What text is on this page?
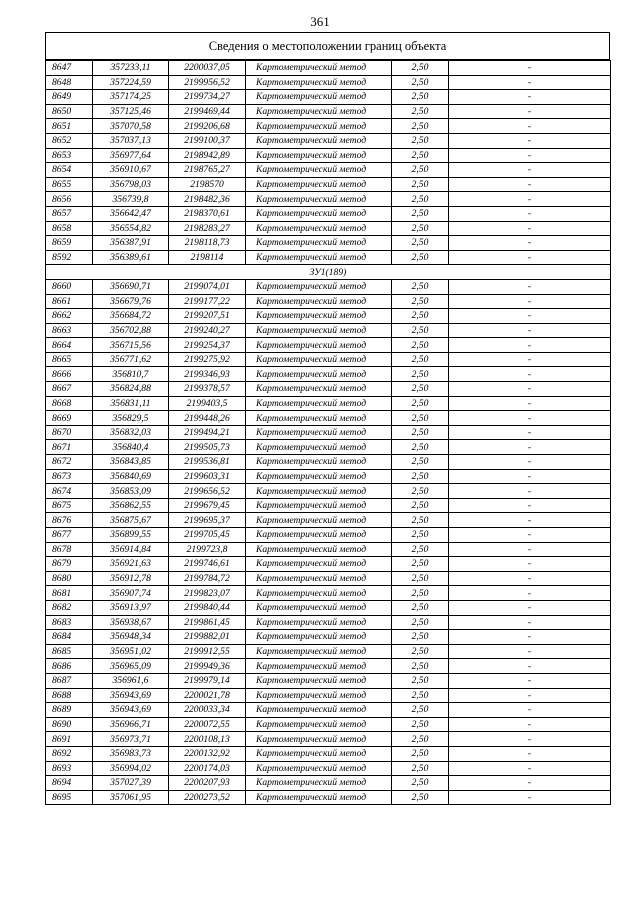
361
Сведения о местоположении границ объекта
8647	357233,11	2200037,05	Картометрический метод	2,50	-
8648	357224,59	2199956,52	Картометрический метод	2,50	-
8649	357174,25	2199734,27	Картометрический метод	2,50	-
8650	357125,46	2199469,44	Картометрический метод	2,50	-
8651	357070,58	2199206,68	Картометрический метод	2,50	-
8652	357037,13	2199100,37	Картометрический метод	2,50	-
8653	356977,64	2198942,89	Картометрический метод	2,50	-
8654	356910,67	2198765,27	Картометрический метод	2,50	-
8655	356798,03	2198570	Картометрический метод	2,50	-
8656	356739,8	2198482,36	Картометрический метод	2,50	-
8657	356642,47	2198370,61	Картометрический метод	2,50	-
8658	356554,82	2198283,27	Картометрический метод	2,50	-
8659	356387,91	2198118,73	Картометрический метод	2,50	-
8592	356389,61	2198114	Картометрический метод	2,50	-
ЗУ1(189)					
8660	356690,71	2199074,01	Картометрический метод	2,50	-
8661	356679,76	2199177,22	Картометрический метод	2,50	-
8662	356684,72	2199207,51	Картометрический метод	2,50	-
8663	356702,88	2199240,27	Картометрический метод	2,50	-
8664	356715,56	2199254,37	Картометрический метод	2,50	-
8665	356771,62	2199275,92	Картометрический метод	2,50	-
8666	356810,7	2199346,93	Картометрический метод	2,50	-
8667	356824,88	2199378,57	Картометрический метод	2,50	-
8668	356831,11	2199403,5	Картометрический метод	2,50	-
8669	356829,5	2199448,26	Картометрический метод	2,50	-
8670	356832,03	2199494,21	Картометрический метод	2,50	-
8671	356840,4	2199505,73	Картометрический метод	2,50	-
8672	356843,85	2199536,81	Картометрический метод	2,50	-
8673	356840,69	2199603,31	Картометрический метод	2,50	-
8674	356853,09	2199656,52	Картометрический метод	2,50	-
8675	356862,55	2199679,45	Картометрический метод	2,50	-
8676	356875,67	2199695,37	Картометрический метод	2,50	-
8677	356899,55	2199705,45	Картометрический метод	2,50	-
8678	356914,84	2199723,8	Картометрический метод	2,50	-
8679	356921,63	2199746,61	Картометрический метод	2,50	-
8680	356912,78	2199784,72	Картометрический метод	2,50	-
8681	356907,74	2199823,07	Картометрический метод	2,50	-
8682	356913,97	2199840,44	Картометрический метод	2,50	-
8683	356938,67	2199861,45	Картометрический метод	2,50	-
8684	356948,34	2199882,01	Картометрический метод	2,50	-
8685	356951,02	2199912,55	Картометрический метод	2,50	-
8686	356965,09	2199949,36	Картометрический метод	2,50	-
8687	356961,6	2199979,14	Картометрический метод	2,50	-
8688	356943,69	2200021,78	Картометрический метод	2,50	-
8689	356943,69	2200033,34	Картометрический метод	2,50	-
8690	356966,71	2200072,55	Картометрический метод	2,50	-
8691	356973,71	2200108,13	Картометрический метод	2,50	-
8692	356983,73	2200132,92	Картометрический метод	2,50	-
8693	356994,02	2200174,03	Картометрический метод	2,50	-
8694	357027,39	2200207,93	Картометрический метод	2,50	-
8695	357061,95	2200273,52	Картометрический метод	2,50	-
